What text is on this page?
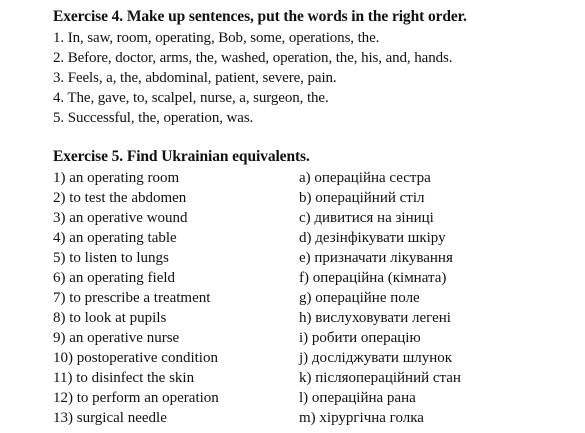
Exercise 4. Make up sentences, put the words in the right order.
1. In, saw, room, operating, Bob, some, operations, the.
2. Before, doctor, arms, the, washed, operation, the, his, and, hands.
3. Feels, a, the, abdominal, patient, severe, pain.
4. The, gave, to, scalpel, nurse, a, surgeon, the.
5. Successful, the, operation, was.
Exercise 5. Find Ukrainian equivalents.
1) an operating room
2) to test the abdomen
3) an operative wound
4) an operating table
5) to listen to lungs
6) an operating field
7) to prescribe a treatment
8) to look at pupils
9) an operative nurse
10) postoperative condition
11) to disinfect the skin
12) to perform an operation
13) surgical needle
a) операційна сестра
b) операційний стіл
c) дивитися на зіниці
d) дезінфікувати шкіру
e) призначати лікування
f) операційна (кімната)
g) операційне поле
h) вислуховувати легені
i) робити операцію
j) досліджувати шлунок
k) післяопераційний стан
l) операційна рана
m) хірургічна голка
